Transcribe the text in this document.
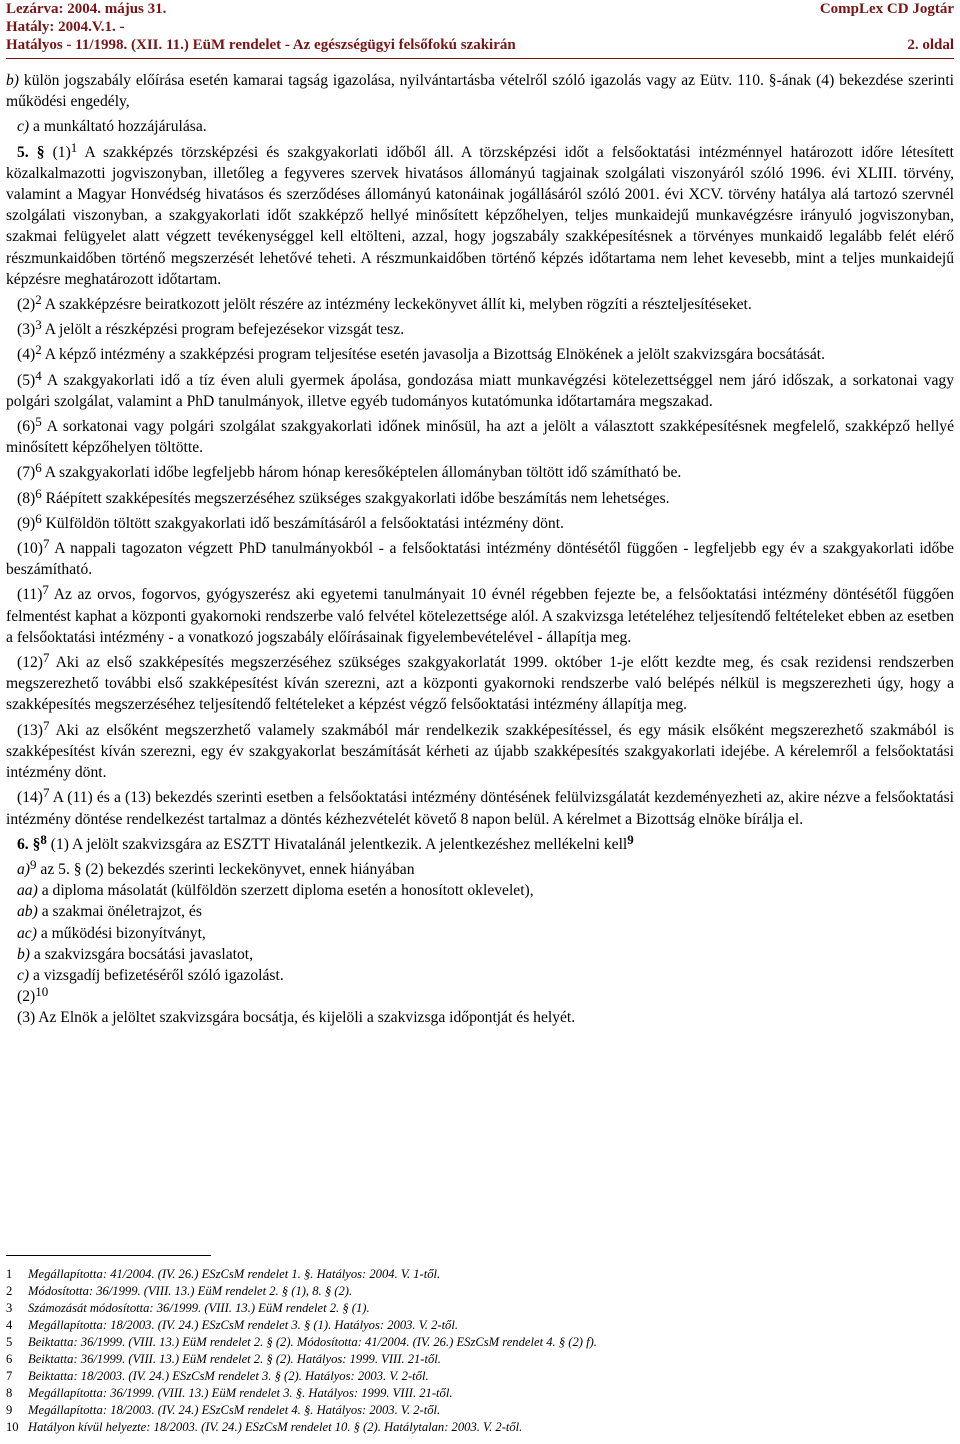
Lezárva: 2004. május 31.	CompLex CD Jogtár
Hatály: 2004.V.1. -
Hatályos - 11/1998. (XII. 11.) EüM rendelet - Az egészségügyi felsőfokú szakirán	2. oldal

b) külön jogszabály előírása esetén kamarai tagság igazolása, nyilvántartásba vételről szóló igazolás vagy az Eütv. 110. §-ának (4) bekezdése szerinti működési engedély,

c) a munkáltató hozzájárulása.

5. § $(1)^1$ A szakképzés törzsképzési és szakgyakorlati időből áll. A törzsképzési időt a felsőoktatási intézménnyel határozott időre létesített közalkalmazotti jogviszonyban, illetőleg a fegyveres szervek hivatásos állományú tagjainak szolgálati viszonyáról szóló 1996. évi XLIII. törvény, valamint a Magyar Honvédség hivatásos és szerződéses állományú katonáinak jogállásáról szóló 2001. évi XCV. törvény hatálya alá tartozó szervnél szolgálati viszonyban, a szakgyakorlati időt szakképző hellyé minősített képzőhelyen, teljes munkaidejű munkavégzésre irányuló jogviszonyban, szakmai felügyelet alatt végzett tevékenységgel kell eltölteni, azzal, hogy jogszabály szakképesítésnek a törvényes munkaidő legalább felét elérő részmunkaidőben történő megszerzését lehetővé teheti. A részmunkaidőben történő képzés időtartama nem lehet kevesebb, mint a teljes munkaidejű képzésre meghatározott időtartam.

$(2)^2$ A szakképzésre beiratkozott jelölt részére az intézmény leckekönyvet állít ki, melyben rögzíti a részteljesítéseket.

$(3)^3$ A jelölt a részképzési program befejezésekor vizsgát tesz.

$(4)^2$ A képző intézmény a szakképzési program teljesítése esetén javasolja a Bizottság Elnökének a jelölt szakvizsgára bocsátását.

$(5)^4$ A szakgyakorlati idő a tíz éven aluli gyermek ápolása, gondozása miatt munkavégzési kötelezettséggel nem járó időszak, a sorkatonai vagy polgári szolgálat, valamint a PhD tanulmányok, illetve egyéb tudományos kutatómunka időtartamára megszakad.

$(6)^5$ A sorkatonai vagy polgári szolgálat szakgyakorlati időnek minősül, ha azt a jelölt a választott szakképesítésnek megfelelő, szakképző hellyé minősített képzőhelyen töltötte.

$(7)^6$ A szakgyakorlati időbe legfeljebb három hónap keresőképtelen állományban töltött idő számítható be.

$(8)^6$ Ráépített szakképesítés megszerzéséhez szükséges szakgyakorlati időbe beszámítás nem lehetséges.

$(9)^6$ Külföldön töltött szakgyakorlati idő beszámításáról a felsőoktatási intézmény dönt.

$(10)^7$ A nappali tagozaton végzett PhD tanulmányokból - a felsőoktatási intézmény döntésétől függően - legfeljebb egy év a szakgyakorlati időbe beszámítható.

$(11)^7$ Az az orvos, fogorvos, gyógyszerész aki egyetemi tanulmányait 10 évnél régebben fejezte be, a felsőoktatási intézmény döntésétől függően felmentést kaphat a központi gyakornoki rendszerbe való felvétel kötelezettsége alól. A szakvizsga letételéhez teljesítendő feltételeket ebben az esetben a felsőoktatási intézmény - a vonatkozó jogszabály előírásainak figyelembevételével - állapítja meg.

$(12)^7$ Aki az első szakképesítés megszerzéséhez szükséges szakgyakorlatát 1999. október 1-je előtt kezdte meg, és csak rezidensi rendszerben megszerezhető további első szakképesítést kíván szerezni, azt a központi gyakornoki rendszerbe való belépés nélkül is megszerezheti úgy, hogy a szakképesítés megszerzéséhez teljesítendő feltételeket a képzést végző felsőoktatási intézmény állapítja meg.

$(13)^7$ Aki az elsőként megszerzhető valamely szakmából már rendelkezik szakképesítéssel, és egy másik elsőként megszerezhető szakmából is szakképesítést kíván szerezni, egy év szakgyakorlat beszámítását kérheti az újabb szakképesítés szakgyakorlati idejébe. A kérelemről a felsőoktatási intézmény dönt.

$(14)^7$ A (11) és a (13) bekezdés szerinti esetben a felsőoktatási intézmény döntésének felülvizsgálatát kezdeményezheti az, akire nézve a felsőoktatási intézmény döntése rendelkezést tartalmaz a döntés kézhezvételét követő 8 napon belül. A kérelmet a Bizottság elnöke bírálja el.

6. §$^8$ (1) A jelölt szakvizsgára az ESZTT Hivatalánál jelentkezik. A jelentkezéshez mellékelni kell$^9$

a)$^9$ az 5. § (2) bekezdés szerinti leckekönyvet, ennek hiányában

aa) a diploma másolatát (külföldön szerzett diploma esetén a honosított oklevelet),

ab) a szakmai önéletrajzot, és

ac) a működési bizonyítványt,

b) a szakvizsgára bocsátási javaslatot,

c) a vizsgadíj befizetéséről szóló igazolást.

$(2)^{10}$

(3) Az Elnök a jelöltet szakvizsgára bocsátja, és kijelöli a szakvizsga időpontját és helyét.

1	Megállapította: 41/2004. (IV. 26.) ESzCsM rendelet 1. §. Hatályos: 2004. V. 1-től.
2	Módosította: 36/1999. (VIII. 13.) EüM rendelet 2. § (1), 8. § (2).
3	Számozását módosította: 36/1999. (VIII. 13.) EüM rendelet 2. § (1).
4	Megállapította: 18/2003. (IV. 24.) ESzCsM rendelet 3. § (1). Hatályos: 2003. V. 2-től.
5	Beiktatta: 36/1999. (VIII. 13.) EüM rendelet 2. § (2). Módosította: 41/2004. (IV. 26.) ESzCsM rendelet 4. § (2) f).
6	Beiktatta: 36/1999. (VIII. 13.) EüM rendelet 2. § (2). Hatályos: 1999. VIII. 21-től.
7	Beiktatta: 18/2003. (IV. 24.) ESzCsM rendelet 3. § (2). Hatályos: 2003. V. 2-től.
8	Megállapította: 36/1999. (VIII. 13.) EüM rendelet 3. §. Hatályos: 1999. VIII. 21-től.
9	Megállapította: 18/2003. (IV. 24.) ESzCsM rendelet 4. §. Hatályos: 2003. V. 2-től.
10 Hatályon kívül helyezte: 18/2003. (IV. 24.) ESzCsM rendelet 10. § (2). Hatálytalan: 2003. V. 2-től.
